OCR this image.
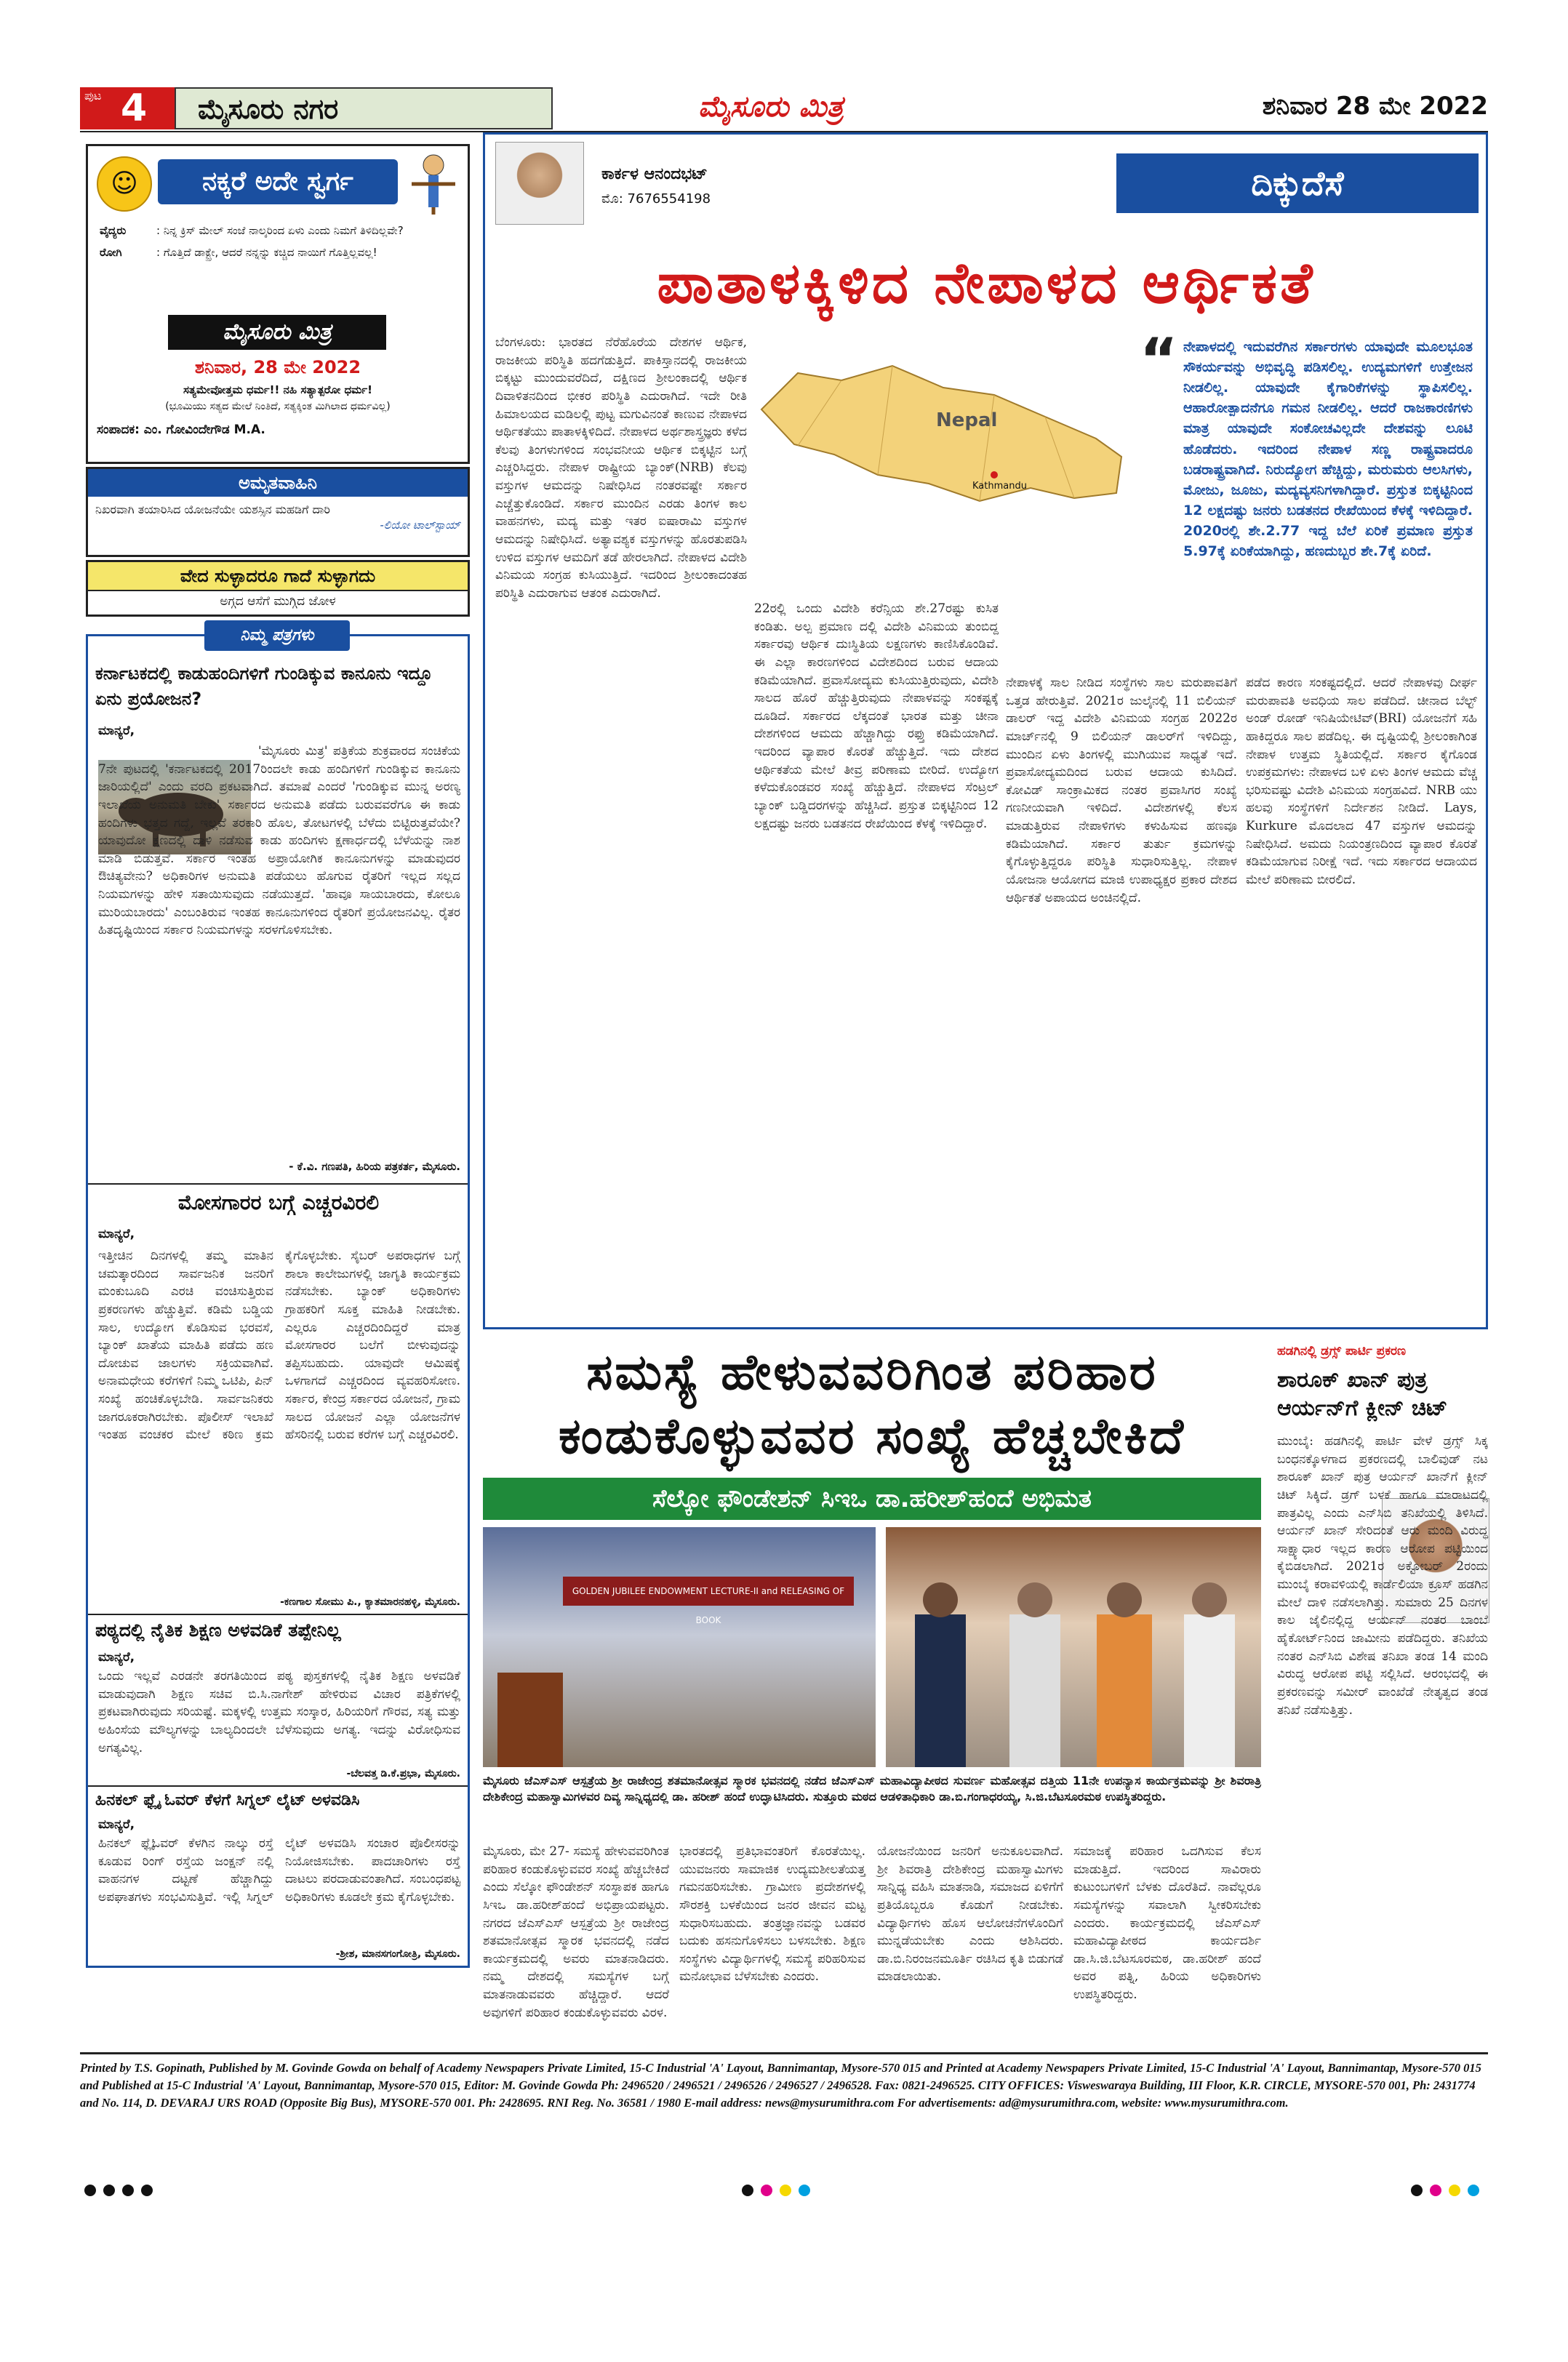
ಪುಟ 4 ಮೈಸೂರು ನಗರ	ಮೈಸೂರು ಮಿತ್ರ	ಶನಿವಾರ 28 ಮೇ 2022
☺	ನಕ್ಕರೆ ಅದೇ ಸ್ವರ್ಗ
ವೈದ್ಯರು	: ನಿನ್ನ ಕ್ರಿಸ್ ಮೇಲ್ ಸಂಜೆ ನಾಲ್ಕರಿಂದ ಏಳು ಎಂದು ನಿಮಗೆ ತಿಳಿದಿಲ್ಲವೇ?
ರೋಗಿ	: ಗೊತ್ತಿದೆ ಡಾಕ್ಟ್ರೇ, ಆದರೆ ನನ್ನನ್ನು ಕಚ್ಚಿದ ನಾಯಿಗೆ ಗೊತ್ತಿಲ್ಲವಲ್ಲ!
ಮೈಸೂರು ಮಿತ್ರ
ಶನಿವಾರ, 28 ಮೇ 2022
ಸತ್ಯಮೇವೋತ್ತಮ ಧರ್ಮ!! ನಹಿ ಸತ್ಯಾತ್ಪರೋ ಧರ್ಮ!
(ಭೂಮಿಯು ಸತ್ಯದ ಮೇಲೆ ನಿಂತಿದೆ, ಸತ್ಯಕ್ಕಿಂತ ಮಿಗಿಲಾದ ಧರ್ಮವಿಲ್ಲ)
ಸಂಪಾದಕ: ಎಂ. ಗೋವಿಂದೇಗೌಡ M.A.
ಅಮೃತವಾಹಿನಿ
ನಿಖರವಾಗಿ ತಯಾರಿಸಿದ ಯೋಜನೆಯೇ ಯಶಸ್ಸಿನ ಮಹಡಿಗೆ ದಾರಿ
-ಲಿಯೋ ಟಾಲ್‌ಸ್ಟಾಯ್
ವೇದ ಸುಳ್ಳಾದರೂ ಗಾದೆ ಸುಳ್ಳಾಗದು
ಅಗ್ಗದ ಆಸೆಗೆ ಮುಗ್ಗಿದ ಜೋಳ
ನಿಮ್ಮ ಪತ್ರಗಳು
ಕರ್ನಾಟಕದಲ್ಲಿ ಕಾಡುಹಂದಿಗಳಿಗೆ ಗುಂಡಿಕ್ಕುವ ಕಾನೂನು ಇದ್ದೂ ಏನು ಪ್ರಯೋಜನ?
ಮಾನ್ಯರೆ,
'ಮೈಸೂರು ಮಿತ್ರ' ಪತ್ರಿಕೆಯ ಶುಕ್ರವಾರದ ಸಂಚಿಕೆಯ 7ನೇ ಪುಟದಲ್ಲಿ 'ಕರ್ನಾಟಕದಲ್ಲಿ 2017ರಿಂದಲೇ ಕಾಡು ಹಂದಿಗಳಿಗೆ ಗುಂಡಿಕ್ಕುವ ಕಾನೂನು ಜಾರಿಯಲ್ಲಿದೆ' ಎಂದು ವರದಿ ಪ್ರಕಟವಾಗಿದೆ. ತಮಾಷೆ ಎಂದರೆ 'ಗುಂಡಿಕ್ಕುವ ಮುನ್ನ ಅರಣ್ಯ ಇಲಾಖೆಯ ಅನುಮತಿ ಬೇಕು' ಸರ್ಕಾರದ ಅನುಮತಿ ಪಡೆದು ಬರುವವರೆಗೂ ಈ ಕಾಡು ಹಂದಿಗಳು ಭತ್ತದ ಗದ್ದೆ, ಇಲ್ಲವೆ ತರಕಾರಿ ಹೊಲ, ತೋಟಗಳಲ್ಲಿ ಬೆಳೆದು ಬಿಟ್ಟಿರುತ್ತವೆಯೇ? ಯಾವುದೋ ಕ್ಷಣದಲ್ಲಿ ದಾಳಿ ನಡೆಸುವ ಕಾಡು ಹಂದಿಗಳು ಕ್ಷಣಾರ್ಧದಲ್ಲಿ ಬೆಳೆಯನ್ನು ನಾಶ ಮಾಡಿ ಬಿಡುತ್ತವೆ. ಸರ್ಕಾರ ಇಂತಹ ಅಪ್ರಾಯೋಗಿಕ ಕಾನೂನುಗಳನ್ನು ಮಾಡುವುದರ ಔಚಿತ್ಯವೇನು? ಅಧಿಕಾರಿಗಳ ಅನುಮತಿ ಪಡೆಯಲು ಹೊಗುವ ರೈತರಿಗೆ ಇಲ್ಲದ ಸಲ್ಲದ ನಿಯಮಗಳನ್ನು ಹೇಳಿ ಸತಾಯಿಸುವುದು ನಡೆಯುತ್ತದೆ. 'ಹಾವೂ ಸಾಯಬಾರದು, ಕೋಲೂ ಮುರಿಯಬಾರದು' ಎಂಬಂತಿರುವ ಇಂತಹ ಕಾನೂನುಗಳಿಂದ ರೈತರಿಗೆ ಪ್ರಯೋಜನವಿಲ್ಲ. ರೈತರ ಹಿತದೃಷ್ಟಿಯಿಂದ ಸರ್ಕಾರ ನಿಯಮಗಳನ್ನು ಸರಳಗೊಳಿಸಬೇಕು.
- ಕೆ.ವಿ. ಗಣಪತಿ, ಹಿರಿಯ ಪತ್ರಕರ್ತ, ಮೈಸೂರು.
ಮೋಸಗಾರರ ಬಗ್ಗೆ ಎಚ್ಚರವಿರಲಿ
ಮಾನ್ಯರೆ,
ಇತ್ತೀಚಿನ ದಿನಗಳಲ್ಲಿ ತಮ್ಮ ಮಾತಿನ ಚಮತ್ಕಾರದಿಂದ ಸಾರ್ವಜನಿಕ ಜನರಿಗೆ ಮಂಕುಬೂದಿ ಎರಚಿ ವಂಚಿಸುತ್ತಿರುವ ಪ್ರಕರಣಗಳು ಹೆಚ್ಚುತ್ತಿವೆ. ಕಡಿಮೆ ಬಡ್ಡಿಯ ಸಾಲ, ಉದ್ಯೋಗ ಕೊಡಿಸುವ ಭರವಸೆ, ಬ್ಯಾಂಕ್ ಖಾತೆಯ ಮಾಹಿತಿ ಪಡೆದು ಹಣ ದೋಚುವ ಜಾಲಗಳು ಸಕ್ರಿಯವಾಗಿವೆ. ಅನಾಮಧೇಯ ಕರೆಗಳಿಗೆ ನಿಮ್ಮ ಒಟಿಪಿ, ಪಿನ್ ಸಂಖ್ಯೆ ಹಂಚಿಕೊಳ್ಳಬೇಡಿ. ಸಾರ್ವಜನಿಕರು ಜಾಗರೂಕರಾಗಿರಬೇಕು. ಪೊಲೀಸ್ ಇಲಾಖೆ ಇಂತಹ ವಂಚಕರ ಮೇಲೆ ಕಠಿಣ ಕ್ರಮ ಕೈಗೊಳ್ಳಬೇಕು. ಸೈಬರ್ ಅಪರಾಧಗಳ ಬಗ್ಗೆ ಶಾಲಾ ಕಾಲೇಜುಗಳಲ್ಲಿ ಜಾಗೃತಿ ಕಾರ್ಯಕ್ರಮ ನಡೆಸಬೇಕು. ಬ್ಯಾಂಕ್ ಅಧಿಕಾರಿಗಳು ಗ್ರಾಹಕರಿಗೆ ಸೂಕ್ತ ಮಾಹಿತಿ ನೀಡಬೇಕು. ಎಲ್ಲರೂ ಎಚ್ಚರದಿಂದಿದ್ದರೆ ಮಾತ್ರ ಮೋಸಗಾರರ ಬಲೆಗೆ ಬೀಳುವುದನ್ನು ತಪ್ಪಿಸಬಹುದು. ಯಾವುದೇ ಆಮಿಷಕ್ಕೆ ಒಳಗಾಗದೆ ಎಚ್ಚರದಿಂದ ವ್ಯವಹರಿಸೋಣ. ಸರ್ಕಾರ, ಕೇಂದ್ರ ಸರ್ಕಾರದ ಯೋಜನೆ, ಗ್ರಾಮ ಸಾಲದ ಯೋಜನೆ ಎಲ್ಲಾ ಯೋಜನೆಗಳ ಹೆಸರಿನಲ್ಲಿ ಬರುವ ಕರೆಗಳ ಬಗ್ಗೆ ಎಚ್ಚರವಿರಲಿ.
-ಕಣಗಾಲ ಸೋಮು ಪಿ., ಕ್ಯಾತಮಾರನಹಳ್ಳಿ, ಮೈಸೂರು.
ಪಠ್ಯದಲ್ಲಿ ನೈತಿಕ ಶಿಕ್ಷಣ ಅಳವಡಿಕೆ ತಪ್ಪೇನಿಲ್ಲ
ಮಾನ್ಯರೆ,
ಒಂದು ಇಲ್ಲವೆ ಎರಡನೇ ತರಗತಿಯಿಂದ ಪಠ್ಯ ಪುಸ್ತಕಗಳಲ್ಲಿ ನೈತಿಕ ಶಿಕ್ಷಣ ಅಳವಡಿಕೆ ಮಾಡುವುದಾಗಿ ಶಿಕ್ಷಣ ಸಚಿವ ಬಿ.ಸಿ.ನಾಗೇಶ್ ಹೇಳಿರುವ ವಿಚಾರ ಪತ್ರಿಕೆಗಳಲ್ಲಿ ಪ್ರಕಟವಾಗಿರುವುದು ಸರಿಯಷ್ಟೆ. ಮಕ್ಕಳಲ್ಲಿ ಉತ್ತಮ ಸಂಸ್ಕಾರ, ಹಿರಿಯರಿಗೆ ಗೌರವ, ಸತ್ಯ ಮತ್ತು ಅಹಿಂಸೆಯ ಮೌಲ್ಯಗಳನ್ನು ಬಾಲ್ಯದಿಂದಲೇ ಬೆಳೆಸುವುದು ಅಗತ್ಯ. ಇದನ್ನು ವಿರೋಧಿಸುವ ಅಗತ್ಯವಿಲ್ಲ.
-ಬೆಲವತ್ತ ಡಿ.ಕೆ.ಪ್ರಭಾ, ಮೈಸೂರು.
ಹಿನಕಲ್ ಫ್ಲೈ ಓವರ್ ಕೆಳಗೆ ಸಿಗ್ನಲ್ ಲೈಟ್ ಅಳವಡಿಸಿ
ಮಾನ್ಯರೆ,
ಹಿನಕಲ್ ಫ್ಲೈಓವರ್ ಕೆಳಗಿನ ನಾಲ್ಕು ರಸ್ತೆ ಕೂಡುವ ರಿಂಗ್ ರಸ್ತೆಯ ಜಂಕ್ಷನ್ ನಲ್ಲಿ ವಾಹನಗಳ ದಟ್ಟಣೆ ಹೆಚ್ಚಾಗಿದ್ದು ಅಪಘಾತಗಳು ಸಂಭವಿಸುತ್ತಿವೆ. ಇಲ್ಲಿ ಸಿಗ್ನಲ್ ಲೈಟ್ ಅಳವಡಿಸಿ ಸಂಚಾರ ಪೊಲೀಸರನ್ನು ನಿಯೋಜಿಸಬೇಕು. ಪಾದಚಾರಿಗಳು ರಸ್ತೆ ದಾಟಲು ಪರದಾಡುವಂತಾಗಿದೆ. ಸಂಬಂಧಪಟ್ಟ ಅಧಿಕಾರಿಗಳು ಕೂಡಲೇ ಕ್ರಮ ಕೈಗೊಳ್ಳಬೇಕು.
-ಶ್ರೀಶ, ಮಾನಸಗಂಗೋತ್ರಿ, ಮೈಸೂರು.
ಕಾರ್ಕಳ ಆನಂದಭಟ್
ಮೊ: 7676554198	ದಿಕ್ಕುದೆಸೆ
ಪಾತಾಳಕ್ಕಿಳಿದ ನೇಪಾಳದ ಆರ್ಥಿಕತೆ
Nepal
Kathmandu
“ ನೇಪಾಳದಲ್ಲಿ ಇದುವರೆಗಿನ ಸರ್ಕಾರಗಳು ಯಾವುದೇ ಮೂಲಭೂತ ಸೌಕರ್ಯವನ್ನು ಅಭಿವೃದ್ಧಿ ಪಡಿಸಲಿಲ್ಲ. ಉದ್ಯಮಗಳಿಗೆ ಉತ್ತೇಜನ ನೀಡಲಿಲ್ಲ. ಯಾವುದೇ ಕೈಗಾರಿಕೆಗಳನ್ನು ಸ್ಥಾಪಿಸಲಿಲ್ಲ. ಆಹಾರೋತ್ಪಾದನೆಗೂ ಗಮನ ನೀಡಲಿಲ್ಲ. ಆದರೆ ರಾಜಕಾರಣಿಗಳು ಮಾತ್ರ ಯಾವುದೇ ಸಂಕೋಚವಿಲ್ಲದೇ ದೇಶವನ್ನು ಲೂಟಿ ಹೊಡೆದರು. ಇದರಿಂದ ನೇಪಾಳ ಸಣ್ಣ ರಾಷ್ಟ್ರವಾದರೂ ಬಡರಾಷ್ಟ್ರವಾಗಿದೆ. ನಿರುದ್ಯೋಗ ಹೆಚ್ಚಿದ್ದು, ಮರುಮರು ಆಲಸಿಗಳು, ಮೋಜು, ಜೂಜು, ಮದ್ಯವ್ಯಸನಿಗಳಾಗಿದ್ದಾರೆ. ಪ್ರಸ್ತುತ ಬಿಕ್ಕಟ್ಟಿನಿಂದ 12 ಲಕ್ಷದಷ್ಟು ಜನರು ಬಡತನದ ರೇಖೆಯಿಂದ ಕೆಳಕ್ಕೆ ಇಳಿದಿದ್ದಾರೆ. 2020ರಲ್ಲಿ ಶೇ.2.77 ಇದ್ದ ಬೆಲೆ ಏರಿಕೆ ಪ್ರಮಾಣ ಪ್ರಸ್ತುತ 5.97ಕ್ಕೆ ಏರಿಕೆಯಾಗಿದ್ದು, ಹಣದುಬ್ಬರ ಶೇ.7ಕ್ಕೆ ಏರಿದೆ.
ಬೆಂಗಳೂರು: ಭಾರತದ ನೆರೆಹೊರೆಯ ದೇಶಗಳ ಆರ್ಥಿಕ, ರಾಜಕೀಯ ಪರಿಸ್ಥಿತಿ ಹದಗೆಡುತ್ತಿದೆ. ಪಾಕಿಸ್ತಾನದಲ್ಲಿ ರಾಜಕೀಯ ಬಿಕ್ಕಟ್ಟು ಮುಂದುವರೆದಿದೆ, ದಕ್ಷಿಣದ ಶ್ರೀಲಂಕಾದಲ್ಲಿ ಆರ್ಥಿಕ ದಿವಾಳಿತನದಿಂದ ಭೀಕರ ಪರಿಸ್ಥಿತಿ ಎದುರಾಗಿದೆ. ಇದೇ ರೀತಿ ಹಿಮಾಲಯದ ಮಡಿಲಲ್ಲಿ ಪುಟ್ಟ ಮಗುವಿನಂತೆ ಕಾಣುವ ನೇಪಾಳದ ಆರ್ಥಿಕತೆಯು ಪಾತಾಳಕ್ಕಿಳಿದಿದೆ. ನೇಪಾಳದ ಅರ್ಥಶಾಸ್ತ್ರಜ್ಞರು ಕಳೆದ ಕೆಲವು ತಿಂಗಳುಗಳಿಂದ ಸಂಭವನೀಯ ಆರ್ಥಿಕ ಬಿಕ್ಕಟ್ಟಿನ ಬಗ್ಗೆ ಎಚ್ಚರಿಸಿದ್ದರು. ನೇಪಾಳ ರಾಷ್ಟ್ರೀಯ ಬ್ಯಾಂಕ್(NRB) ಕೆಲವು ವಸ್ತುಗಳ ಆಮದನ್ನು ನಿಷೇಧಿಸಿದ ನಂತರವಷ್ಟೇ ಸರ್ಕಾರ ಎಚ್ಚೆತ್ತುಕೊಂಡಿದೆ. ಸರ್ಕಾರ ಮುಂದಿನ ಎರಡು ತಿಂಗಳ ಕಾಲ ವಾಹನಗಳು, ಮದ್ಯ ಮತ್ತು ಇತರ ಐಷಾರಾಮಿ ವಸ್ತುಗಳ ಆಮದನ್ನು ನಿಷೇಧಿಸಿದೆ. ಅತ್ಯಾವಶ್ಯಕ ವಸ್ತುಗಳನ್ನು ಹೊರತುಪಡಿಸಿ ಉಳಿದ ವಸ್ತುಗಳ ಆಮದಿಗೆ ತಡೆ ಹೇರಲಾಗಿದೆ. ನೇಪಾಳದ ವಿದೇಶಿ ವಿನಿಮಯ ಸಂಗ್ರಹ ಕುಸಿಯುತ್ತಿದೆ. ಇದರಿಂದ ಶ್ರೀಲಂಕಾದಂತಹ ಪರಿಸ್ಥಿತಿ ಎದುರಾಗುವ ಆತಂಕ ಎದುರಾಗಿದೆ.
22ರಲ್ಲಿ ಒಂದು ವಿದೇಶಿ ಕರೆನ್ಸಿಯ ಶೇ.27ರಷ್ಟು ಕುಸಿತ ಕಂಡಿತು. ಅಲ್ಪ ಪ್ರಮಾಣ ದಲ್ಲಿ ವಿದೇಶಿ ವಿನಿಮಯ ತುಂಬಿದ್ದ ಸರ್ಕಾರವು ಆರ್ಥಿಕ ದುಃಸ್ಥಿತಿಯ ಲಕ್ಷಣಗಳು ಕಾಣಿಸಿಕೊಂಡಿವೆ. ಈ ಎಲ್ಲಾ ಕಾರಣಗಳಿಂದ ವಿದೇಶದಿಂದ ಬರುವ ಆದಾಯ ಕಡಿಮೆಯಾಗಿದೆ. ಪ್ರವಾಸೋದ್ಯಮ ಕುಸಿಯುತ್ತಿರುವುದು, ವಿದೇಶಿ ಸಾಲದ ಹೊರೆ ಹೆಚ್ಚುತ್ತಿರುವುದು ನೇಪಾಳವನ್ನು ಸಂಕಷ್ಟಕ್ಕೆ ದೂಡಿದೆ. ಸರ್ಕಾರದ ಲೆಕ್ಕದಂತೆ ಭಾರತ ಮತ್ತು ಚೀನಾ ದೇಶಗಳಿಂದ ಆಮದು ಹೆಚ್ಚಾಗಿದ್ದು ರಫ್ತು ಕಡಿಮೆಯಾಗಿದೆ. ಇದರಿಂದ ವ್ಯಾಪಾರ ಕೊರತೆ ಹೆಚ್ಚುತ್ತಿದೆ. ಇದು ದೇಶದ ಆರ್ಥಿಕತೆಯ ಮೇಲೆ ತೀವ್ರ ಪರಿಣಾಮ ಬೀರಿದೆ. ಉದ್ಯೋಗ ಕಳೆದುಕೊಂಡವರ ಸಂಖ್ಯೆ ಹೆಚ್ಚುತ್ತಿದೆ. ನೇಪಾಳದ ಸೆಂಟ್ರಲ್ ಬ್ಯಾಂಕ್ ಬಡ್ಡಿದರಗಳನ್ನು ಹೆಚ್ಚಿಸಿದೆ. ಪ್ರಸ್ತುತ ಬಿಕ್ಕಟ್ಟಿನಿಂದ 12 ಲಕ್ಷದಷ್ಟು ಜನರು ಬಡತನದ ರೇಖೆಯಿಂದ ಕೆಳಕ್ಕೆ ಇಳಿದಿದ್ದಾರೆ.
ನೇಪಾಳಕ್ಕೆ ಸಾಲ ನೀಡಿದ ಸಂಸ್ಥೆಗಳು ಸಾಲ ಮರುಪಾವತಿಗೆ ಒತ್ತಡ ಹೇರುತ್ತಿವೆ. 2021ರ ಜುಲೈನಲ್ಲಿ 11 ಬಿಲಿಯನ್ ಡಾಲರ್ ಇದ್ದ ವಿದೇಶಿ ವಿನಿಮಯ ಸಂಗ್ರಹ 2022ರ ಮಾರ್ಚ್‌ನಲ್ಲಿ 9 ಬಿಲಿಯನ್ ಡಾಲರ್‌ಗೆ ಇಳಿದಿದ್ದು, ಮುಂದಿನ ಏಳು ತಿಂಗಳಲ್ಲಿ ಮುಗಿಯುವ ಸಾಧ್ಯತೆ ಇದೆ. ಪ್ರವಾಸೋದ್ಯಮದಿಂದ ಬರುವ ಆದಾಯ ಕುಸಿದಿದೆ. ಕೋವಿಡ್ ಸಾಂಕ್ರಾಮಿಕದ ನಂತರ ಪ್ರವಾಸಿಗರ ಸಂಖ್ಯೆ ಗಣನೀಯವಾಗಿ ಇಳಿದಿದೆ. ವಿದೇಶಗಳಲ್ಲಿ ಕೆಲಸ ಮಾಡುತ್ತಿರುವ ನೇಪಾಳಿಗಳು ಕಳುಹಿಸುವ ಹಣವೂ ಕಡಿಮೆಯಾಗಿದೆ. ಸರ್ಕಾರ ತುರ್ತು ಕ್ರಮಗಳನ್ನು ಕೈಗೊಳ್ಳುತ್ತಿದ್ದರೂ ಪರಿಸ್ಥಿತಿ ಸುಧಾರಿಸುತ್ತಿಲ್ಲ. ನೇಪಾಳ ಯೋಜನಾ ಆಯೋಗದ ಮಾಜಿ ಉಪಾಧ್ಯಕ್ಷರ ಪ್ರಕಾರ ದೇಶದ ಆರ್ಥಿಕತೆ ಅಪಾಯದ ಅಂಚಿನಲ್ಲಿದೆ.
ಪಡೆದ ಕಾರಣ ಸಂಕಷ್ಟದಲ್ಲಿದೆ. ಆದರೆ ನೇಪಾಳವು ದೀರ್ಘ ಮರುಪಾವತಿ ಅವಧಿಯ ಸಾಲ ಪಡೆದಿದೆ. ಚೀನಾದ ಬೆಲ್ಟ್ ಅಂಡ್ ರೋಡ್ ಇನಿಷಿಯೇಟಿವ್(BRI) ಯೋಜನೆಗೆ ಸಹಿ ಹಾಕಿದ್ದರೂ ಸಾಲ ಪಡೆದಿಲ್ಲ. ಈ ದೃಷ್ಟಿಯಲ್ಲಿ ಶ್ರೀಲಂಕಾಗಿಂತ ನೇಪಾಳ ಉತ್ತಮ ಸ್ಥಿತಿಯಲ್ಲಿದೆ. ಸರ್ಕಾರ ಕೈಗೊಂಡ ಉಪಕ್ರಮಗಳು: ನೇಪಾಳದ ಬಳಿ ಏಳು ತಿಂಗಳ ಆಮದು ವೆಚ್ಚ ಭರಿಸುವಷ್ಟು ವಿದೇಶಿ ವಿನಿಮಯ ಸಂಗ್ರಹವಿದೆ. NRB ಯು ಹಲವು ಸಂಸ್ಥೆಗಳಿಗೆ ನಿರ್ದೇಶನ ನೀಡಿದೆ. Lays, Kurkure ಮೊದಲಾದ 47 ವಸ್ತುಗಳ ಆಮದನ್ನು ನಿಷೇಧಿಸಿದೆ. ಅಮದು ನಿಯಂತ್ರಣದಿಂದ ವ್ಯಾಪಾರ ಕೊರತೆ ಕಡಿಮೆಯಾಗುವ ನಿರೀಕ್ಷೆ ಇದೆ. ಇದು ಸರ್ಕಾರದ ಆದಾಯದ ಮೇಲೆ ಪರಿಣಾಮ ಬೀರಲಿದೆ.
ಸಮಸ್ಯೆ ಹೇಳುವವರಿಗಿಂತ ಪರಿಹಾರ
ಕಂಡುಕೊಳ್ಳುವವರ ಸಂಖ್ಯೆ ಹೆಚ್ಚಬೇಕಿದೆ
ಸೆಲ್ಕೋ ಫೌಂಡೇಶನ್ ಸಿಇಒ ಡಾ.ಹರೀಶ್‌ಹಂದೆ ಅಭಿಮತ
GOLDEN JUBILEE ENDOWMENT LECTURE-II and RELEASING OF BOOK
ಮೈಸೂರು ಜೆಎಸ್‌ಎಸ್ ಆಸ್ಪತ್ರೆಯ ಶ್ರೀ ರಾಜೇಂದ್ರ ಶತಮಾನೋತ್ಸವ ಸ್ಮಾರಕ ಭವನದಲ್ಲಿ ನಡೆದ ಜೆಎಸ್‌ಎಸ್ ಮಹಾವಿದ್ಯಾಪೀಠದ ಸುವರ್ಣ ಮಹೋತ್ಸವ ದತ್ತಿಯ 11ನೇ ಉಪನ್ಯಾಸ ಕಾರ್ಯಕ್ರಮವನ್ನು ಶ್ರೀ ಶಿವರಾತ್ರಿ ದೇಶಿಕೇಂದ್ರ ಮಹಾಸ್ವಾಮಿಗಳವರ ದಿವ್ಯ ಸಾನ್ನಿಧ್ಯದಲ್ಲಿ ಡಾ. ಹರೀಶ್ ಹಂದೆ ಉದ್ಘಾಟಿಸಿದರು. ಸುತ್ತೂರು ಮಠದ ಆಡಳಿತಾಧಿಕಾರಿ ಡಾ.ಬಿ.ಗಂಗಾಧರಯ್ಯ, ಸಿ.ಜಿ.ಬೆಟಸೂರಮಠ ಉಪಸ್ಥಿತರಿದ್ದರು.
ಮೈಸೂರು, ಮೇ 27- ಸಮಸ್ಯೆ ಹೇಳುವವರಿಗಿಂತ ಪರಿಹಾರ ಕಂಡುಕೊಳ್ಳುವವರ ಸಂಖ್ಯೆ ಹೆಚ್ಚಬೇಕಿದೆ ಎಂದು ಸೆಲ್ಕೋ ಫೌಂಡೇಶನ್ ಸಂಸ್ಥಾಪಕ ಹಾಗೂ ಸಿಇಒ ಡಾ.ಹರೀಶ್‌ಹಂದೆ ಅಭಿಪ್ರಾಯಪಟ್ಟರು. ನಗರದ ಜೆಎಸ್‌ಎಸ್ ಆಸ್ಪತ್ರೆಯ ಶ್ರೀ ರಾಜೇಂದ್ರ ಶತಮಾನೋತ್ಸವ ಸ್ಮಾರಕ ಭವನದಲ್ಲಿ ನಡೆದ ಕಾರ್ಯಕ್ರಮದಲ್ಲಿ ಅವರು ಮಾತನಾಡಿದರು. ನಮ್ಮ ದೇಶದಲ್ಲಿ ಸಮಸ್ಯೆಗಳ ಬಗ್ಗೆ ಮಾತನಾಡುವವರು ಹೆಚ್ಚಿದ್ದಾರೆ. ಆದರೆ ಅವುಗಳಿಗೆ ಪರಿಹಾರ ಕಂಡುಕೊಳ್ಳುವವರು ವಿರಳ.
ಭಾರತದಲ್ಲಿ ಪ್ರತಿಭಾವಂತರಿಗೆ ಕೊರತೆಯಿಲ್ಲ. ಯುವಜನರು ಸಾಮಾಜಿಕ ಉದ್ಯಮಶೀಲತೆಯತ್ತ ಗಮನಹರಿಸಬೇಕು. ಗ್ರಾಮೀಣ ಪ್ರದೇಶಗಳಲ್ಲಿ ಸೌರಶಕ್ತಿ ಬಳಕೆಯಿಂದ ಜನರ ಜೀವನ ಮಟ್ಟ ಸುಧಾರಿಸಬಹುದು. ತಂತ್ರಜ್ಞಾನವನ್ನು ಬಡವರ ಬದುಕು ಹಸನುಗೊಳಿಸಲು ಬಳಸಬೇಕು. ಶಿಕ್ಷಣ ಸಂಸ್ಥೆಗಳು ವಿದ್ಯಾರ್ಥಿಗಳಲ್ಲಿ ಸಮಸ್ಯೆ ಪರಿಹರಿಸುವ ಮನೋಭಾವ ಬೆಳೆಸಬೇಕು ಎಂದರು.
ಯೋಜನೆಯಿಂದ ಜನರಿಗೆ ಅನುಕೂಲವಾಗಿದೆ. ಶ್ರೀ ಶಿವರಾತ್ರಿ ದೇಶಿಕೇಂದ್ರ ಮಹಾಸ್ವಾಮಿಗಳು ಸಾನ್ನಿಧ್ಯ ವಹಿಸಿ ಮಾತನಾಡಿ, ಸಮಾಜದ ಏಳಿಗೆಗೆ ಪ್ರತಿಯೊಬ್ಬರೂ ಕೊಡುಗೆ ನೀಡಬೇಕು. ವಿದ್ಯಾರ್ಥಿಗಳು ಹೊಸ ಆಲೋಚನೆಗಳೊಂದಿಗೆ ಮುನ್ನಡೆಯಬೇಕು ಎಂದು ಆಶಿಸಿದರು. ಡಾ.ಬಿ.ನಿರಂಜನಮೂರ್ತಿ ರಚಿಸಿದ ಕೃತಿ ಬಿಡುಗಡೆ ಮಾಡಲಾಯಿತು.
ಸಮಾಜಕ್ಕೆ ಪರಿಹಾರ ಒದಗಿಸುವ ಕೆಲಸ ಮಾಡುತ್ತಿದೆ. ಇದರಿಂದ ಸಾವಿರಾರು ಕುಟುಂಬಗಳಿಗೆ ಬೆಳಕು ದೊರೆತಿದೆ. ನಾವೆಲ್ಲರೂ ಸಮಸ್ಯೆಗಳನ್ನು ಸವಾಲಾಗಿ ಸ್ವೀಕರಿಸಬೇಕು ಎಂದರು. ಕಾರ್ಯಕ್ರಮದಲ್ಲಿ ಜೆಎಸ್‌ಎಸ್ ಮಹಾವಿದ್ಯಾಪೀಠದ ಕಾರ್ಯದರ್ಶಿ ಡಾ.ಸಿ.ಜಿ.ಬೆಟಸೂರಮಠ, ಡಾ.ಹರೀಶ್ ಹಂದೆ ಅವರ ಪತ್ನಿ, ಹಿರಿಯ ಅಧಿಕಾರಿಗಳು ಉಪಸ್ಥಿತರಿದ್ದರು.
ಹಡಗಿನಲ್ಲಿ ಡ್ರಗ್ಸ್ ಪಾರ್ಟಿ ಪ್ರಕರಣ
ಶಾರೂಕ್ ಖಾನ್ ಪುತ್ರ ಆರ್ಯನ್‌ಗೆ ಕ್ಲೀನ್ ಚಿಟ್
ಮುಂಬೈ: ಹಡಗಿನಲ್ಲಿ ಪಾರ್ಟಿ ವೇಳೆ ಡ್ರಗ್ಸ್ ಸಿಕ್ಕ ಬಂಧನಕ್ಕೊಳಗಾದ ಪ್ರಕರಣದಲ್ಲಿ ಬಾಲಿವುಡ್ ನಟ ಶಾರೂಕ್ ಖಾನ್ ಪುತ್ರ ಆರ್ಯನ್ ಖಾನ್‌ಗೆ ಕ್ಲೀನ್ ಚಿಟ್ ಸಿಕ್ಕಿದೆ. ಡ್ರಗ್ ಬಳಕೆ ಹಾಗೂ ಮಾರಾಟದಲ್ಲಿ ಪಾತ್ರವಿಲ್ಲ ಎಂದು ಎನ್‌ಸಿಬಿ ತನಿಖೆಯಲ್ಲಿ ತಿಳಿಸಿದೆ. ಆರ್ಯನ್ ಖಾನ್ ಸೇರಿದಂತೆ ಆರು ಮಂದಿ ವಿರುದ್ಧ ಸಾಕ್ಷ್ಯಾಧಾರ ಇಲ್ಲದ ಕಾರಣ ಆರೋಪ ಪಟ್ಟಿಯಿಂದ ಕೈಬಿಡಲಾಗಿದೆ. 2021ರ ಅಕ್ಟೋಬರ್ 2ರಂದು ಮುಂಬೈ ಕರಾವಳಿಯಲ್ಲಿ ಕಾರ್ಡೆಲಿಯಾ ಕ್ರೂಸ್ ಹಡಗಿನ ಮೇಲೆ ದಾಳಿ ನಡೆಸಲಾಗಿತ್ತು. ಸುಮಾರು 25 ದಿನಗಳ ಕಾಲ ಜೈಲಿನಲ್ಲಿದ್ದ ಆರ್ಯನ್ ನಂತರ ಬಾಂಬೆ ಹೈಕೋರ್ಟ್‌ನಿಂದ ಜಾಮೀನು ಪಡೆದಿದ್ದರು. ತನಿಖೆಯ ನಂತರ ಎನ್‌ಸಿಬಿ ವಿಶೇಷ ತನಿಖಾ ತಂಡ 14 ಮಂದಿ ವಿರುದ್ಧ ಆರೋಪ ಪಟ್ಟಿ ಸಲ್ಲಿಸಿದೆ. ಆರಂಭದಲ್ಲಿ ಈ ಪ್ರಕರಣವನ್ನು ಸಮೀರ್ ವಾಂಖೆಡೆ ನೇತೃತ್ವದ ತಂಡ ತನಿಖೆ ನಡೆಸುತ್ತಿತ್ತು.
Printed by T.S. Gopinath, Published by M. Govinde Gowda on behalf of Academy Newspapers Private Limited, 15-C Industrial 'A' Layout, Bannimantap, Mysore-570 015 and Printed at Academy Newspapers Private Limited, 15-C Industrial 'A' Layout, Bannimantap, Mysore-570 015 and Published at 15-C Industrial 'A' Layout, Bannimantap, Mysore-570 015, Editor: M. Govinde Gowda Ph: 2496520 / 2496521 / 2496526 / 2496527 / 2496528. Fax: 0821-2496525. CITY OFFICES: Visweswaraya Building, III Floor, K.R. CIRCLE, MYSORE-570 001, Ph: 2431774 and No. 114, D. DEVARAJ URS ROAD (Opposite Big Bus), MYSORE-570 001. Ph: 2428695. RNI Reg. No. 36581 / 1980 E-mail address: news@mysurumithra.com For advertisements: ad@mysurumithra.com, website: www.mysurumithra.com.
